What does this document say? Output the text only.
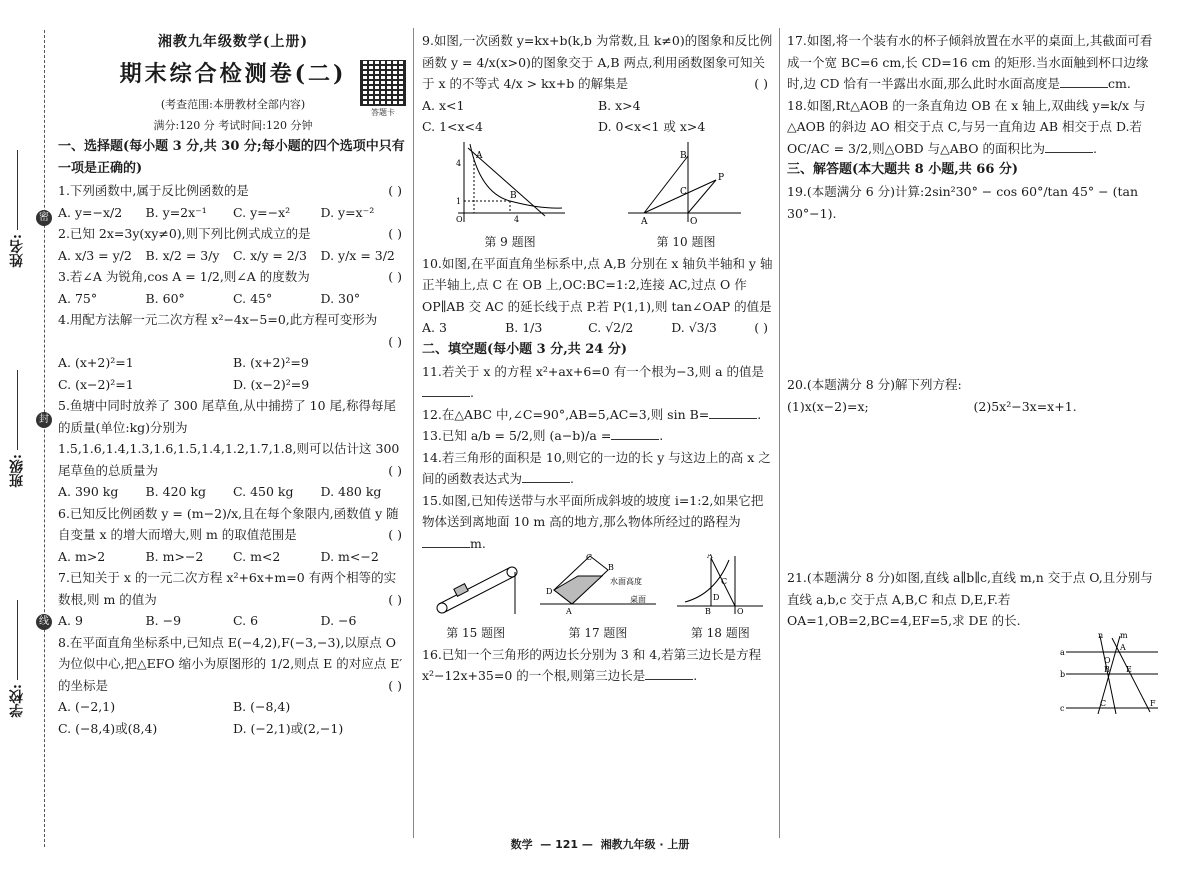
密
封
线
姓名:
班级:
学校:
湘教九年级数学(上册)
期末综合检测卷(二)
(考查范围:本册教材全部内容)
满分:120 分 考试时间:120 分钟
答题卡
一、选择题(每小题 3 分,共 30 分;每小题的四个选项中只有一项是正确的)
1.下列函数中,属于反比例函数的是	( )
A. y=−x/2	B. y=2x⁻¹	C. y=−x²	D. y=x⁻²
2.已知 2x=3y(xy≠0),则下列比例式成立的是	( )
A. x/3 = y/2	B. x/2 = 3/y	C. x/y = 2/3	D. y/x = 3/2
3.若∠A 为锐角,cos A = 1/2,则∠A 的度数为	( )
A. 75°	B. 60°	C. 45°	D. 30°
4.用配方法解一元二次方程 x²−4x−5=0,此方程可变形为

( )
A. (x+2)²=1	B. (x+2)²=9
C. (x−2)²=1	D. (x−2)²=9
5.鱼塘中同时放养了 300 尾草鱼,从中捕捞了 10 尾,称得每尾的质量(单位:kg)分别为 1.5,1.6,1.4,1.3,1.6,1.5,1.4,1.2,1.7,1.8,则可以估计这 300 尾草鱼的总质量为	( )
A. 390 kg	B. 420 kg	C. 450 kg	D. 480 kg
6.已知反比例函数 y = (m−2)/x,且在每个象限内,函数值 y 随自变量 x 的增大而增大,则 m 的取值范围是	( )
A. m>2	B. m>−2	C. m<2	D. m<−2
7.已知关于 x 的一元二次方程 x²+6x+m=0 有两个相等的实数根,则 m 的值为	( )
A. 9	B. −9	C. 6	D. −6
8.在平面直角坐标系中,已知点 E(−4,2),F(−3,−3),以原点 O 为位似中心,把△EFO 缩小为原图形的 1/2,则点 E 的对应点 E′ 的坐标是	( )
A. (−2,1)	B. (−8,4)
C. (−8,4)或(8,4)	D. (−2,1)或(2,−1)
9.如图,一次函数 y=kx+b(k,b 为常数,且 k≠0)的图象和反比例函数 y = 4/x(x>0)的图象交于 A,B 两点,利用函数图象可知关于 x 的不等式 4/x > kx+b 的解集是	( )
A. x<1	B. x>4
C. 1<x<4	D. 0<x<1 或 x>4
A
B
1
4
O	4
第 9 题图
A
B
C
P
O
第 10 题图
10.如图,在平面直角坐标系中,点 A,B 分别在 x 轴负半轴和 y 轴正半轴上,点 C 在 OB 上,OC:BC=1:2,连接 AC,过点 O 作 OP∥AB 交 AC 的延长线于点 P.若 P(1,1),则 tan∠OAP 的值是
( )
A. 3	B. 1/3	C. √2/2	D. √3/3
二、填空题(每小题 3 分,共 24 分)
11.若关于 x 的方程 x²+ax+6=0 有一个根为−3,则 a 的值是.
12.在△ABC 中,∠C=90°,AB=5,AC=3,则 sin B=	.
13.已知 a/b = 5/2,则 (a−b)/a =	.
14.若三角形的面积是 10,则它的一边的长 y 与这边上的高 x 之间的函数表达式为	.
15.如图,已知传送带与水平面所成斜坡的坡度 i=1:2,如果它把物体送到离地面 10 m 高的地方,那么物体所经过的路程为m.
第 15 题图
D
A
C
B
水面高度
桌面
第 17 题图
A
B	O
C
D
第 18 题图
16.已知一个三角形的两边长分别为 3 和 4,若第三边长是方程 x²−12x+35=0 的一个根,则第三边长是	.
17.如图,将一个装有水的杯子倾斜放置在水平的桌面上,其截面可看成一个宽 BC=6 cm,长 CD=16 cm 的矩形.当水面触到杯口边缘时,边 CD 恰有一半露出水面,那么此时水面高度是	cm.
18.如图,Rt△AOB 的一条直角边 OB 在 x 轴上,双曲线 y=k/x 与△AOB 的斜边 AO 相交于点 C,与另一直角边 AB 相交于点 D.若 OC/AC = 3/2,则△OBD 与△ABO 的面积比为	.
三、解答题(本大题共 8 小题,共 66 分)
19.(本题满分 6 分)计算:2sin²30° − cos 60°/tan 45° − (tan 30°−1).
20.(本题满分 8 分)解下列方程:
(1)x(x−2)=x;	(2)5x²−3x=x+1.
21.(本题满分 8 分)如图,直线 a∥b∥c,直线 m,n 交于点 O,且分别与直线 a,b,c 交于点 A,B,C 和点 D,E,F.若 OA=1,OB=2,BC=4,EF=5,求 DE 的长.
a
b
c
n m
O
A
B
C
E
F
数学 — 121 — 湘教九年级 · 上册
